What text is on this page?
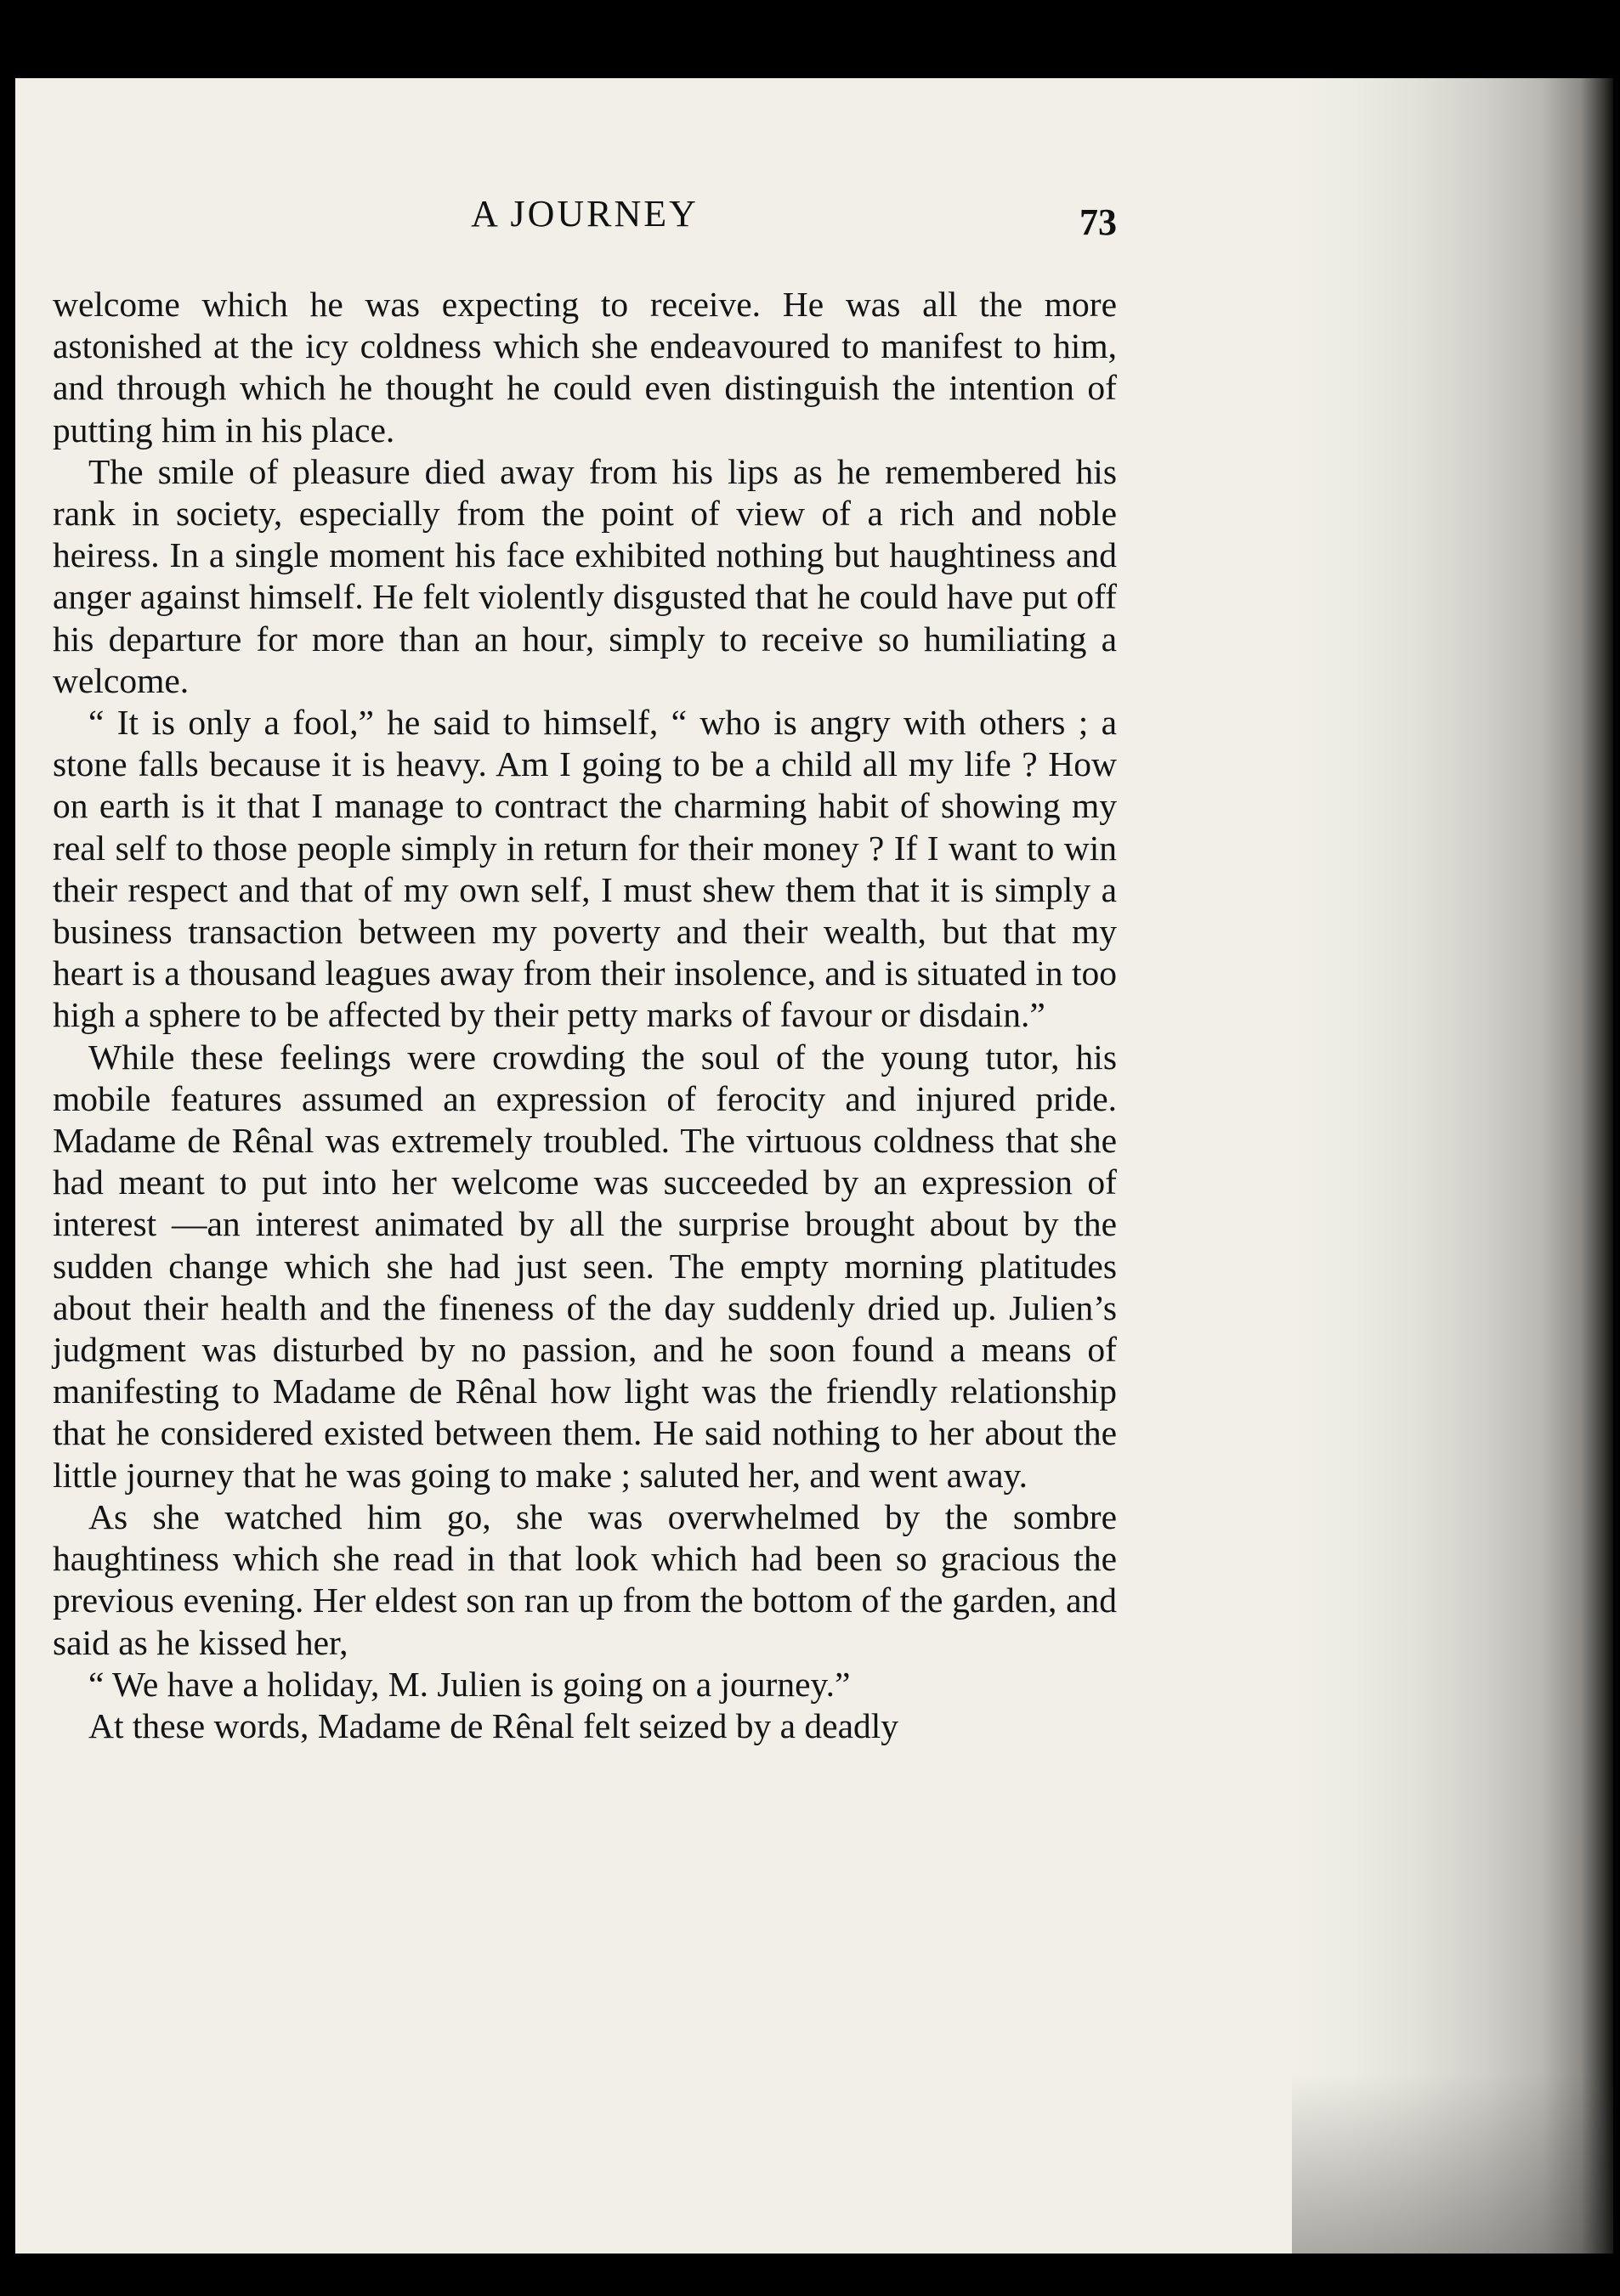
A JOURNEY	73

welcome which he was expecting to receive. He was all the more astonished at the icy coldness which she endeavoured to manifest to him, and through which he thought he could even distinguish the intention of putting him in his place.

The smile of pleasure died away from his lips as he remembered his rank in society, especially from the point of view of a rich and noble heiress. In a single moment his face exhibited nothing but haughtiness and anger against himself. He felt violently disgusted that he could have put off his departure for more than an hour, simply to receive so humiliating a welcome.

“ It is only a fool,” he said to himself, “ who is angry with others ; a stone falls because it is heavy. Am I going to be a child all my life ? How on earth is it that I manage to contract the charming habit of showing my real self to those people simply in return for their money ? If I want to win their respect and that of my own self, I must shew them that it is simply a business transaction between my poverty and their wealth, but that my heart is a thousand leagues away from their insolence, and is situated in too high a sphere to be affected by their petty marks of favour or disdain.”

While these feelings were crowding the soul of the young tutor, his mobile features assumed an expression of ferocity and injured pride. Madame de Rênal was extremely troubled. The virtuous coldness that she had meant to put into her welcome was succeeded by an expression of interest —an interest animated by all the surprise brought about by the sudden change which she had just seen. The empty morning platitudes about their health and the fineness of the day suddenly dried up. Julien’s judgment was disturbed by no passion, and he soon found a means of manifesting to Madame de Rênal how light was the friendly relationship that he considered existed between them. He said nothing to her about the little journey that he was going to make ; saluted her, and went away.

As she watched him go, she was overwhelmed by the sombre haughtiness which she read in that look which had been so gracious the previous evening. Her eldest son ran up from the bottom of the garden, and said as he kissed her,

“ We have a holiday, M. Julien is going on a journey.”

At these words, Madame de Rênal felt seized by a deadly
